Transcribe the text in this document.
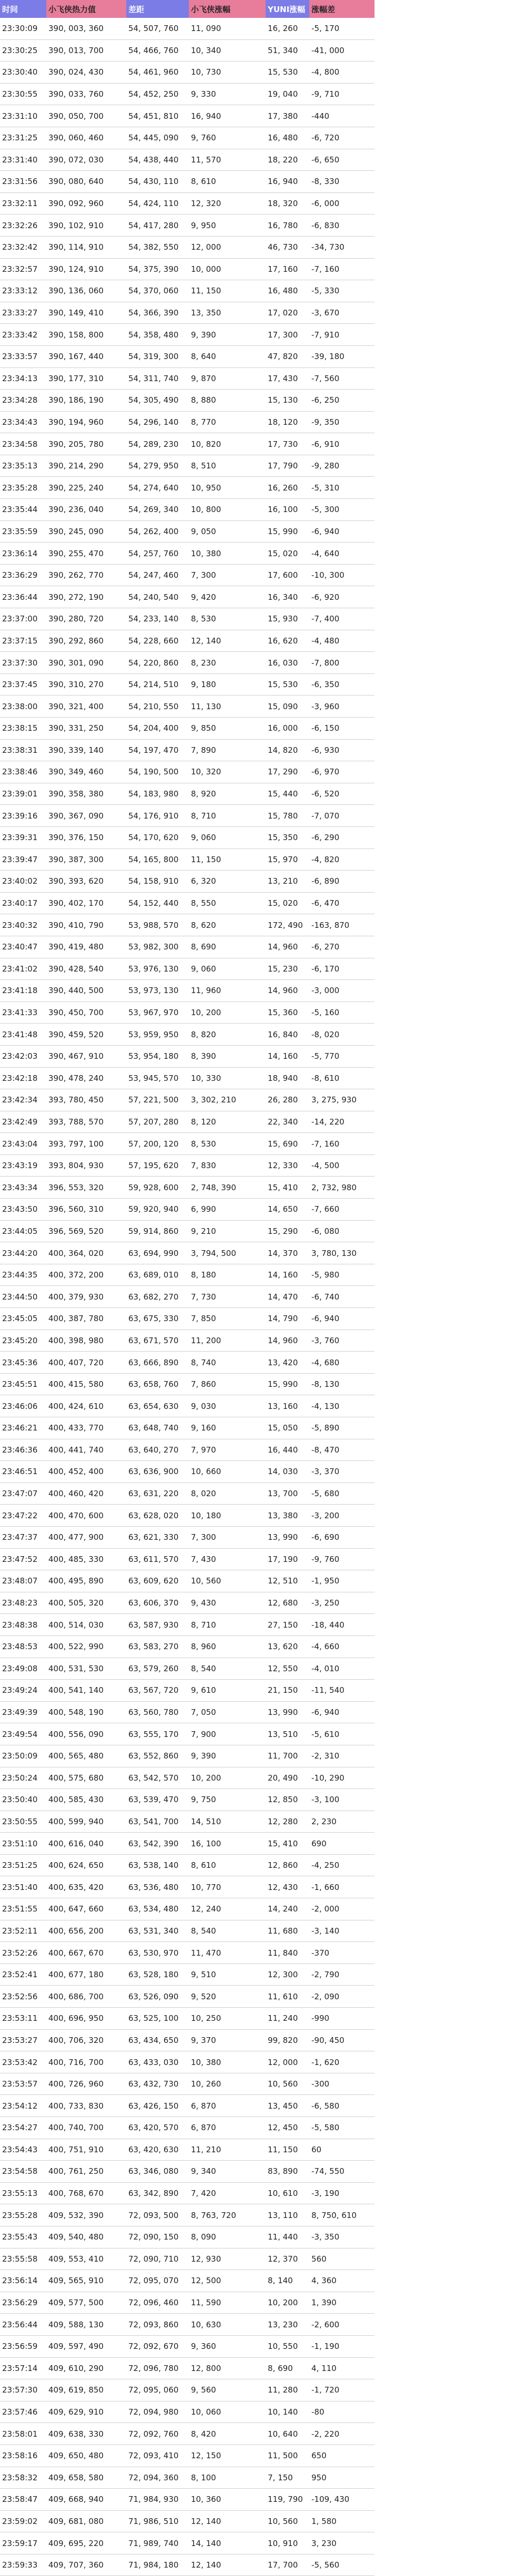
时间	小飞侠热力值	差距	小飞侠涨幅	YUNI涨幅	涨幅差
23:30:09	390, 003, 360	54, 507, 760	11, 090	16, 260	-5, 170
23:30:25	390, 013, 700	54, 466, 760	10, 340	51, 340	-41, 000
23:30:40	390, 024, 430	54, 461, 960	10, 730	15, 530	-4, 800
23:30:55	390, 033, 760	54, 452, 250	9, 330	19, 040	-9, 710
23:31:10	390, 050, 700	54, 451, 810	16, 940	17, 380	-440
23:31:25	390, 060, 460	54, 445, 090	9, 760	16, 480	-6, 720
23:31:40	390, 072, 030	54, 438, 440	11, 570	18, 220	-6, 650
23:31:56	390, 080, 640	54, 430, 110	8, 610	16, 940	-8, 330
23:32:11	390, 092, 960	54, 424, 110	12, 320	18, 320	-6, 000
23:32:26	390, 102, 910	54, 417, 280	9, 950	16, 780	-6, 830
23:32:42	390, 114, 910	54, 382, 550	12, 000	46, 730	-34, 730
23:32:57	390, 124, 910	54, 375, 390	10, 000	17, 160	-7, 160
23:33:12	390, 136, 060	54, 370, 060	11, 150	16, 480	-5, 330
23:33:27	390, 149, 410	54, 366, 390	13, 350	17, 020	-3, 670
23:33:42	390, 158, 800	54, 358, 480	9, 390	17, 300	-7, 910
23:33:57	390, 167, 440	54, 319, 300	8, 640	47, 820	-39, 180
23:34:13	390, 177, 310	54, 311, 740	9, 870	17, 430	-7, 560
23:34:28	390, 186, 190	54, 305, 490	8, 880	15, 130	-6, 250
23:34:43	390, 194, 960	54, 296, 140	8, 770	18, 120	-9, 350
23:34:58	390, 205, 780	54, 289, 230	10, 820	17, 730	-6, 910
23:35:13	390, 214, 290	54, 279, 950	8, 510	17, 790	-9, 280
23:35:28	390, 225, 240	54, 274, 640	10, 950	16, 260	-5, 310
23:35:44	390, 236, 040	54, 269, 340	10, 800	16, 100	-5, 300
23:35:59	390, 245, 090	54, 262, 400	9, 050	15, 990	-6, 940
23:36:14	390, 255, 470	54, 257, 760	10, 380	15, 020	-4, 640
23:36:29	390, 262, 770	54, 247, 460	7, 300	17, 600	-10, 300
23:36:44	390, 272, 190	54, 240, 540	9, 420	16, 340	-6, 920
23:37:00	390, 280, 720	54, 233, 140	8, 530	15, 930	-7, 400
23:37:15	390, 292, 860	54, 228, 660	12, 140	16, 620	-4, 480
23:37:30	390, 301, 090	54, 220, 860	8, 230	16, 030	-7, 800
23:37:45	390, 310, 270	54, 214, 510	9, 180	15, 530	-6, 350
23:38:00	390, 321, 400	54, 210, 550	11, 130	15, 090	-3, 960
23:38:15	390, 331, 250	54, 204, 400	9, 850	16, 000	-6, 150
23:38:31	390, 339, 140	54, 197, 470	7, 890	14, 820	-6, 930
23:38:46	390, 349, 460	54, 190, 500	10, 320	17, 290	-6, 970
23:39:01	390, 358, 380	54, 183, 980	8, 920	15, 440	-6, 520
23:39:16	390, 367, 090	54, 176, 910	8, 710	15, 780	-7, 070
23:39:31	390, 376, 150	54, 170, 620	9, 060	15, 350	-6, 290
23:39:47	390, 387, 300	54, 165, 800	11, 150	15, 970	-4, 820
23:40:02	390, 393, 620	54, 158, 910	6, 320	13, 210	-6, 890
23:40:17	390, 402, 170	54, 152, 440	8, 550	15, 020	-6, 470
23:40:32	390, 410, 790	53, 988, 570	8, 620	172, 490	-163, 870
23:40:47	390, 419, 480	53, 982, 300	8, 690	14, 960	-6, 270
23:41:02	390, 428, 540	53, 976, 130	9, 060	15, 230	-6, 170
23:41:18	390, 440, 500	53, 973, 130	11, 960	14, 960	-3, 000
23:41:33	390, 450, 700	53, 967, 970	10, 200	15, 360	-5, 160
23:41:48	390, 459, 520	53, 959, 950	8, 820	16, 840	-8, 020
23:42:03	390, 467, 910	53, 954, 180	8, 390	14, 160	-5, 770
23:42:18	390, 478, 240	53, 945, 570	10, 330	18, 940	-8, 610
23:42:34	393, 780, 450	57, 221, 500	3, 302, 210	26, 280	3, 275, 930
23:42:49	393, 788, 570	57, 207, 280	8, 120	22, 340	-14, 220
23:43:04	393, 797, 100	57, 200, 120	8, 530	15, 690	-7, 160
23:43:19	393, 804, 930	57, 195, 620	7, 830	12, 330	-4, 500
23:43:34	396, 553, 320	59, 928, 600	2, 748, 390	15, 410	2, 732, 980
23:43:50	396, 560, 310	59, 920, 940	6, 990	14, 650	-7, 660
23:44:05	396, 569, 520	59, 914, 860	9, 210	15, 290	-6, 080
23:44:20	400, 364, 020	63, 694, 990	3, 794, 500	14, 370	3, 780, 130
23:44:35	400, 372, 200	63, 689, 010	8, 180	14, 160	-5, 980
23:44:50	400, 379, 930	63, 682, 270	7, 730	14, 470	-6, 740
23:45:05	400, 387, 780	63, 675, 330	7, 850	14, 790	-6, 940
23:45:20	400, 398, 980	63, 671, 570	11, 200	14, 960	-3, 760
23:45:36	400, 407, 720	63, 666, 890	8, 740	13, 420	-4, 680
23:45:51	400, 415, 580	63, 658, 760	7, 860	15, 990	-8, 130
23:46:06	400, 424, 610	63, 654, 630	9, 030	13, 160	-4, 130
23:46:21	400, 433, 770	63, 648, 740	9, 160	15, 050	-5, 890
23:46:36	400, 441, 740	63, 640, 270	7, 970	16, 440	-8, 470
23:46:51	400, 452, 400	63, 636, 900	10, 660	14, 030	-3, 370
23:47:07	400, 460, 420	63, 631, 220	8, 020	13, 700	-5, 680
23:47:22	400, 470, 600	63, 628, 020	10, 180	13, 380	-3, 200
23:47:37	400, 477, 900	63, 621, 330	7, 300	13, 990	-6, 690
23:47:52	400, 485, 330	63, 611, 570	7, 430	17, 190	-9, 760
23:48:07	400, 495, 890	63, 609, 620	10, 560	12, 510	-1, 950
23:48:23	400, 505, 320	63, 606, 370	9, 430	12, 680	-3, 250
23:48:38	400, 514, 030	63, 587, 930	8, 710	27, 150	-18, 440
23:48:53	400, 522, 990	63, 583, 270	8, 960	13, 620	-4, 660
23:49:08	400, 531, 530	63, 579, 260	8, 540	12, 550	-4, 010
23:49:24	400, 541, 140	63, 567, 720	9, 610	21, 150	-11, 540
23:49:39	400, 548, 190	63, 560, 780	7, 050	13, 990	-6, 940
23:49:54	400, 556, 090	63, 555, 170	7, 900	13, 510	-5, 610
23:50:09	400, 565, 480	63, 552, 860	9, 390	11, 700	-2, 310
23:50:24	400, 575, 680	63, 542, 570	10, 200	20, 490	-10, 290
23:50:40	400, 585, 430	63, 539, 470	9, 750	12, 850	-3, 100
23:50:55	400, 599, 940	63, 541, 700	14, 510	12, 280	2, 230
23:51:10	400, 616, 040	63, 542, 390	16, 100	15, 410	690
23:51:25	400, 624, 650	63, 538, 140	8, 610	12, 860	-4, 250
23:51:40	400, 635, 420	63, 536, 480	10, 770	12, 430	-1, 660
23:51:55	400, 647, 660	63, 534, 480	12, 240	14, 240	-2, 000
23:52:11	400, 656, 200	63, 531, 340	8, 540	11, 680	-3, 140
23:52:26	400, 667, 670	63, 530, 970	11, 470	11, 840	-370
23:52:41	400, 677, 180	63, 528, 180	9, 510	12, 300	-2, 790
23:52:56	400, 686, 700	63, 526, 090	9, 520	11, 610	-2, 090
23:53:11	400, 696, 950	63, 525, 100	10, 250	11, 240	-990
23:53:27	400, 706, 320	63, 434, 650	9, 370	99, 820	-90, 450
23:53:42	400, 716, 700	63, 433, 030	10, 380	12, 000	-1, 620
23:53:57	400, 726, 960	63, 432, 730	10, 260	10, 560	-300
23:54:12	400, 733, 830	63, 426, 150	6, 870	13, 450	-6, 580
23:54:27	400, 740, 700	63, 420, 570	6, 870	12, 450	-5, 580
23:54:43	400, 751, 910	63, 420, 630	11, 210	11, 150	60
23:54:58	400, 761, 250	63, 346, 080	9, 340	83, 890	-74, 550
23:55:13	400, 768, 670	63, 342, 890	7, 420	10, 610	-3, 190
23:55:28	409, 532, 390	72, 093, 500	8, 763, 720	13, 110	8, 750, 610
23:55:43	409, 540, 480	72, 090, 150	8, 090	11, 440	-3, 350
23:55:58	409, 553, 410	72, 090, 710	12, 930	12, 370	560
23:56:14	409, 565, 910	72, 095, 070	12, 500	8, 140	4, 360
23:56:29	409, 577, 500	72, 096, 460	11, 590	10, 200	1, 390
23:56:44	409, 588, 130	72, 093, 860	10, 630	13, 230	-2, 600
23:56:59	409, 597, 490	72, 092, 670	9, 360	10, 550	-1, 190
23:57:14	409, 610, 290	72, 096, 780	12, 800	8, 690	4, 110
23:57:30	409, 619, 850	72, 095, 060	9, 560	11, 280	-1, 720
23:57:46	409, 629, 910	72, 094, 980	10, 060	10, 140	-80
23:58:01	409, 638, 330	72, 092, 760	8, 420	10, 640	-2, 220
23:58:16	409, 650, 480	72, 093, 410	12, 150	11, 500	650
23:58:32	409, 658, 580	72, 094, 360	8, 100	7, 150	950
23:58:47	409, 668, 940	71, 984, 930	10, 360	119, 790	-109, 430
23:59:02	409, 681, 080	71, 986, 510	12, 140	10, 560	1, 580
23:59:17	409, 695, 220	71, 989, 740	14, 140	10, 910	3, 230
23:59:33	409, 707, 360	71, 984, 180	12, 140	17, 700	-5, 560
